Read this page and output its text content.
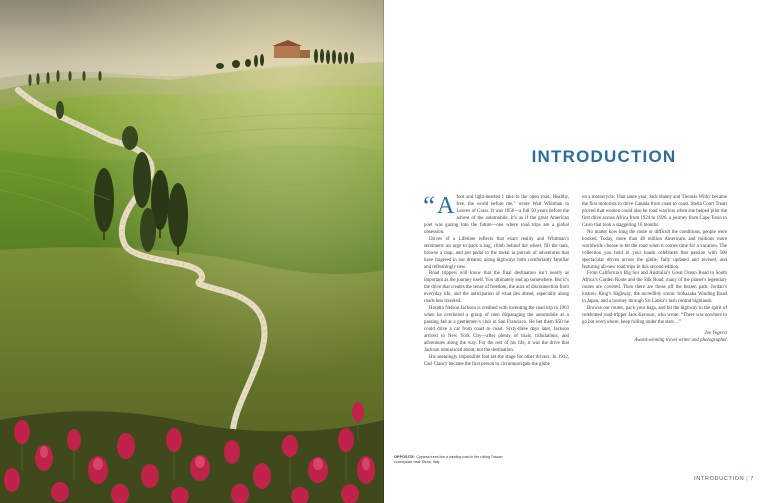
INTRODUCTION

“ A foot and light-hearted I take to the open road, Healthy, free, the world before me,” wrote Walt Whitman in Leaves of Grass. It was 1856—a full 50 years before the advent of the automobile. It’s as if the great American poet was gazing into the future—one where road trips are a global obsession.

Drives of a Lifetime reflects that exact reality and Whitman’s sentiment: an urge to pack a bag, climb behind the wheel, fill the tank, browse a map, and put pedal to the metal in pursuit of adventures that have lingered in our dreams, along highways both comfortably familiar and refreshingly new.

Road trippers will know that the final destination isn’t nearly as important as the journey itself. You ultimately end up somewhere. But it’s the drive that creates the sense of freedom, the aura of disconnection from everyday life, and the anticipation of what lies ahead, especially along roads less traveled.

Horatio Nelson Jackson is credited with inventing the road trip in 1903 when he overheard a group of men disparaging the automobile as a passing fad at a gentlemen’s club in San Francisco. He bet them $50 he could drive a car from coast to coast. Sixty-three days later, Jackson arrived in New York City—after plenty of trials, tribulations, and adventures along the way. For the rest of his life, it was the drive that Jackson reminisced about, not the destination.

His seemingly impossible feat set the stage for other drivers. In 1912, Carl Clancy became the first person to circumnavigate the globe

on a motorcycle. That same year, Jack Haney and Thomas Wilby became the first motorists to drive Canada from coast to coast. Stella Court Treatt proved that women could also be road warriors when she helped pilot the first drive across Africa from 1924 to 1926, a journey from Cape Town to Cairo that took a staggering 16 months.

No matter how long the route or difficult the conditions, people were hooked. Today, more than 48 million Americans and millions more worldwide choose to hit the road when it comes time for a vacation. The collection you hold in your hands celebrates that passion with 500 spectacular drives across the globe, fully updated and revised, and featuring all-new road trips in this second edition.

From California’s Big Sur and Australia’s Great Ocean Road to South Africa’s Garden Route and the Silk Road, many of the planet’s legendary routes are covered. Then there are those off the beaten path: Jordan’s historic King’s Highway, the incredibly scenic Irohazaka Winding Road in Japan, and a journey through Sri Lanka’s lush central highlands.

Browse our routes, pack your bags, and hit the highway in the spirit of celebrated road-tripper Jack Kerouac, who wrote: “There was nowhere to go but everywhere, keep rolling under the stars ...”

Joe Yogerst

Award-winning travel writer and photographer

OPPOSITE: Cypress trees line a winding road in the rolling Tuscan countryside near Siena, Italy.
INTRODUCTION | 7
